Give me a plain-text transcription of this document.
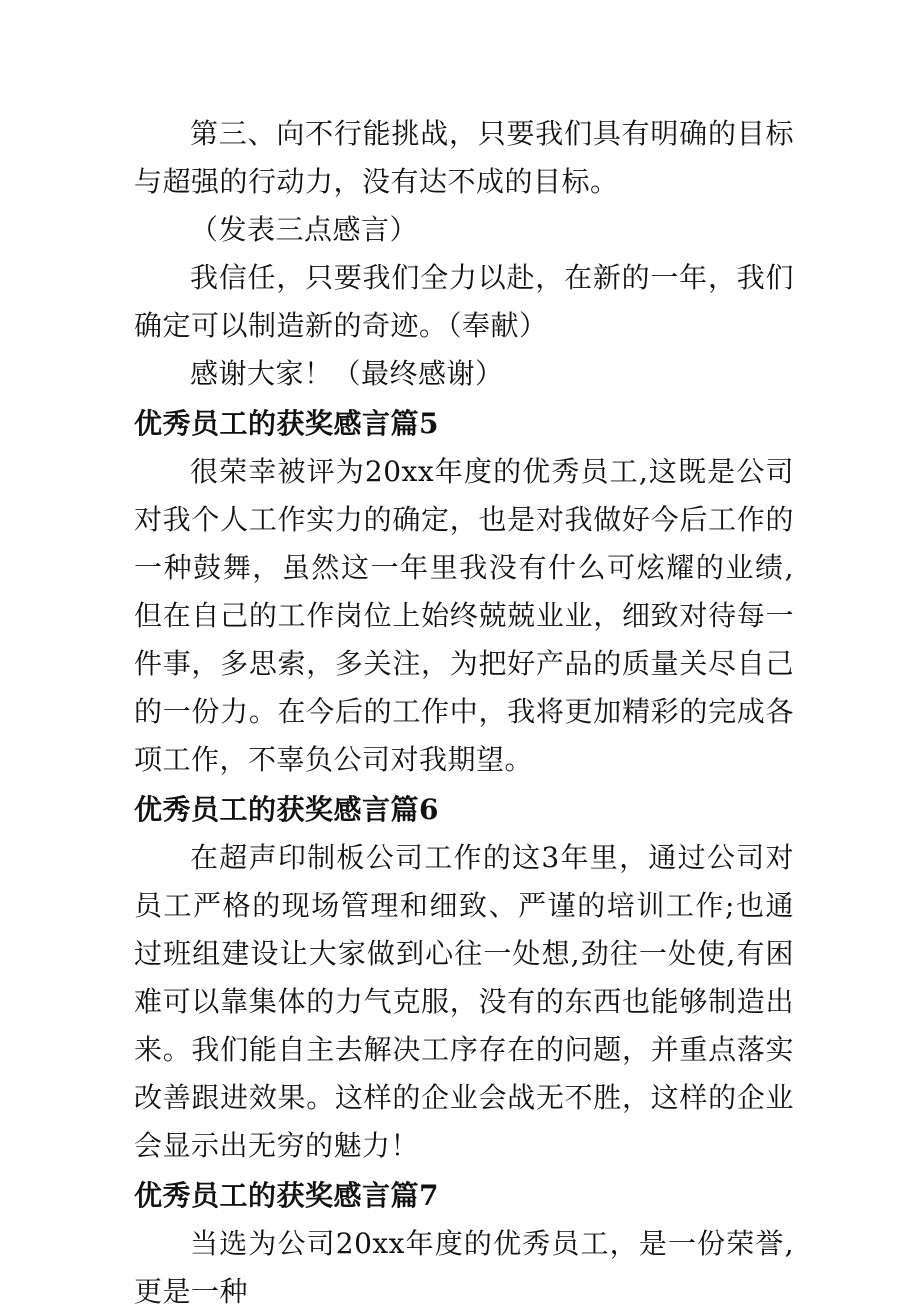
第三、向不行能挑战，只要我们具有明确的目标与超强的行动力，没有达不成的目标。

（发表三点感言）

我信任，只要我们全力以赴，在新的一年，我们确定可以制造新的奇迹。（奉献）

感谢大家！（最终感谢）

优秀员工的获奖感言篇5

很荣幸被评为20xx年度的优秀员工,这既是公司对我个人工作实力的确定，也是对我做好今后工作的一种鼓舞，虽然这一年里我没有什么可炫耀的业绩,但在自己的工作岗位上始终兢兢业业，细致对待每一件事，多思索，多关注，为把好产品的质量关尽自己的一份力。在今后的工作中，我将更加精彩的完成各项工作，不辜负公司对我期望。

优秀员工的获奖感言篇6

在超声印制板公司工作的这3年里，通过公司对员工严格的现场管理和细致、严谨的培训工作;也通过班组建设让大家做到心往一处想,劲往一处使,有困难可以靠集体的力气克服，没有的东西也能够制造出来。我们能自主去解决工序存在的问题，并重点落实改善跟进效果。这样的企业会战无不胜，这样的企业会显示出无穷的魅力！

优秀员工的获奖感言篇7

当选为公司20xx年度的优秀员工，是一份荣誉,更是一种
